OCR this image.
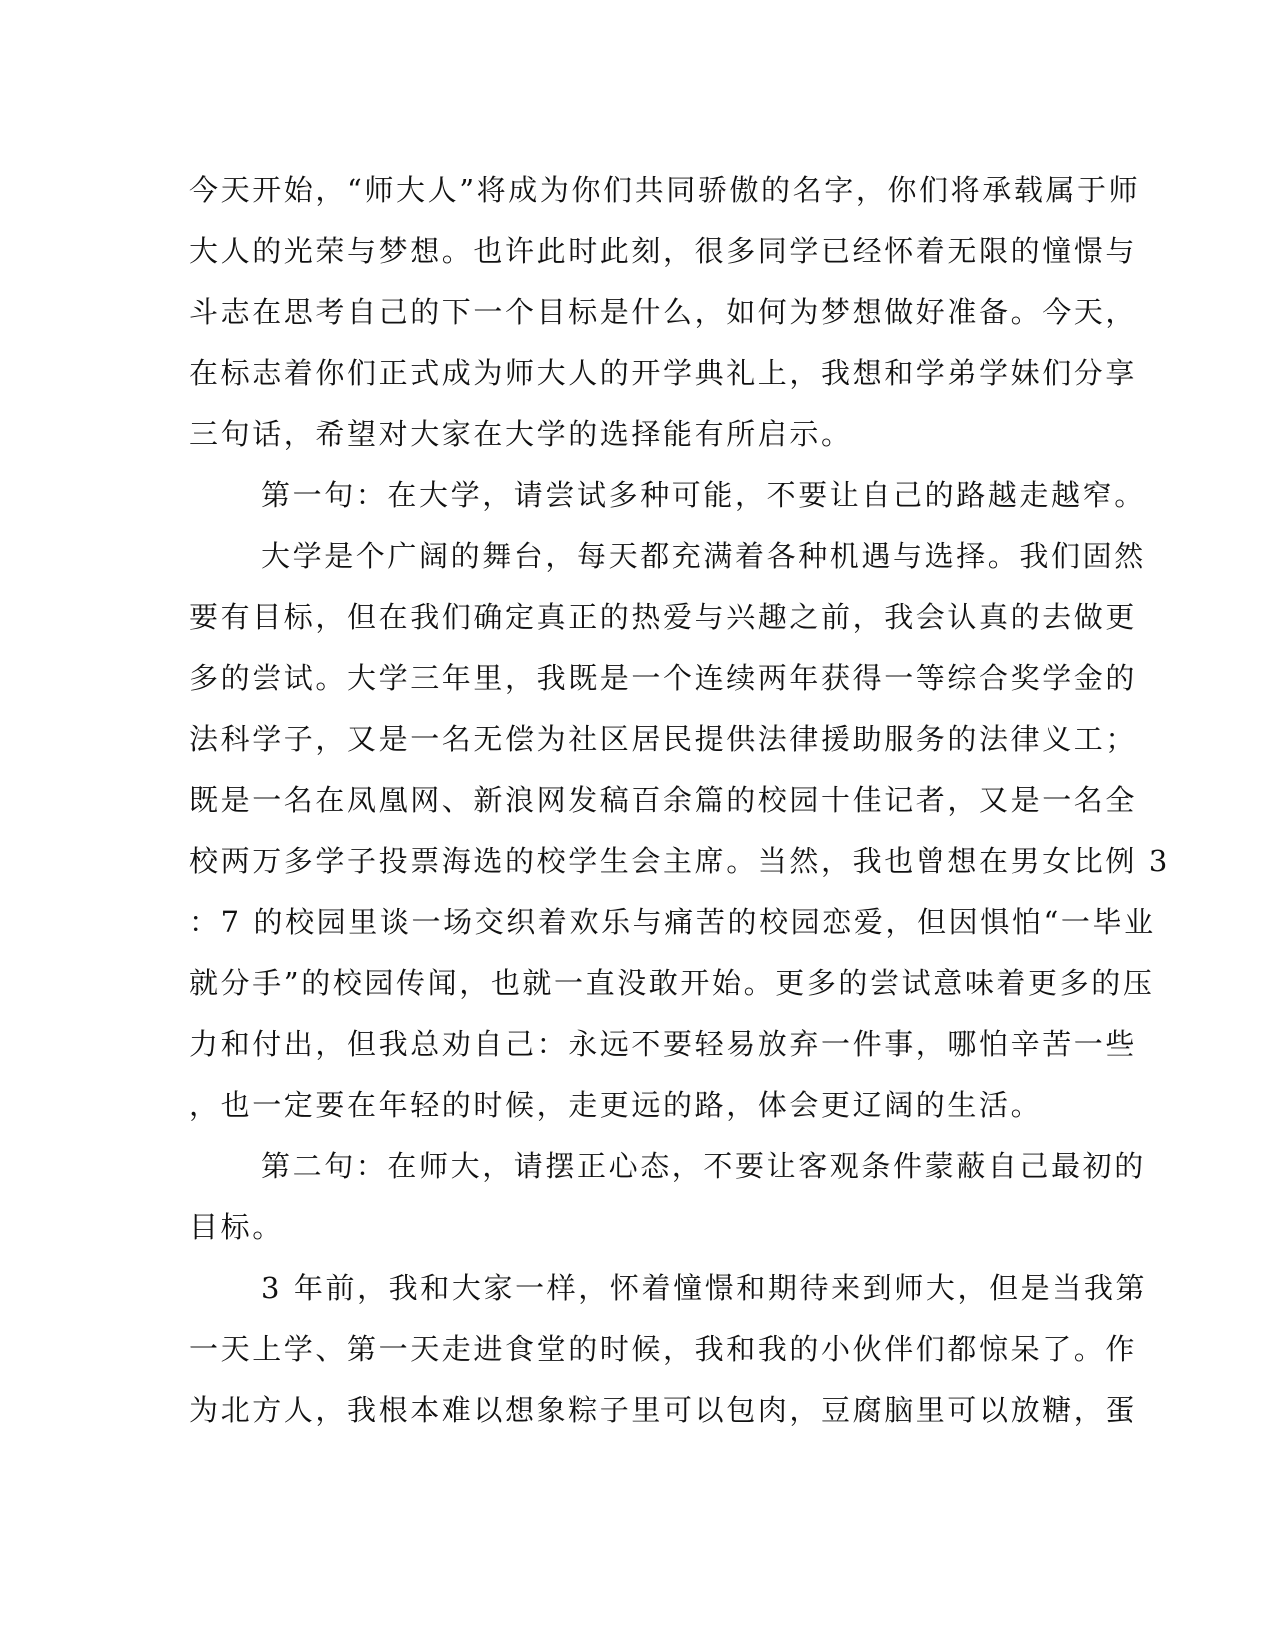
今天开始，“师大人”将成为你们共同骄傲的名字，你们将承载属于师
大人的光荣与梦想。也许此时此刻，很多同学已经怀着无限的憧憬与
斗志在思考自己的下一个目标是什么，如何为梦想做好准备。今天，
在标志着你们正式成为师大人的开学典礼上，我想和学弟学妹们分享
三句话，希望对大家在大学的选择能有所启示。
第一句：在大学，请尝试多种可能，不要让自己的路越走越窄。
大学是个广阔的舞台，每天都充满着各种机遇与选择。我们固然
要有目标，但在我们确定真正的热爱与兴趣之前，我会认真的去做更
多的尝试。大学三年里，我既是一个连续两年获得一等综合奖学金的
法科学子，又是一名无偿为社区居民提供法律援助服务的法律义工；
既是一名在凤凰网、新浪网发稿百余篇的校园十佳记者，又是一名全
校两万多学子投票海选的校学生会主席。当然，我也曾想在男女比例 3
：7 的校园里谈一场交织着欢乐与痛苦的校园恋爱，但因惧怕“一毕业
就分手”的校园传闻，也就一直没敢开始。更多的尝试意味着更多的压
力和付出，但我总劝自己：永远不要轻易放弃一件事，哪怕辛苦一些
，也一定要在年轻的时候，走更远的路，体会更辽阔的生活。
第二句：在师大，请摆正心态，不要让客观条件蒙蔽自己最初的
目标。
3 年前，我和大家一样，怀着憧憬和期待来到师大，但是当我第
一天上学、第一天走进食堂的时候，我和我的小伙伴们都惊呆了。作
为北方人，我根本难以想象粽子里可以包肉，豆腐脑里可以放糖，蛋
